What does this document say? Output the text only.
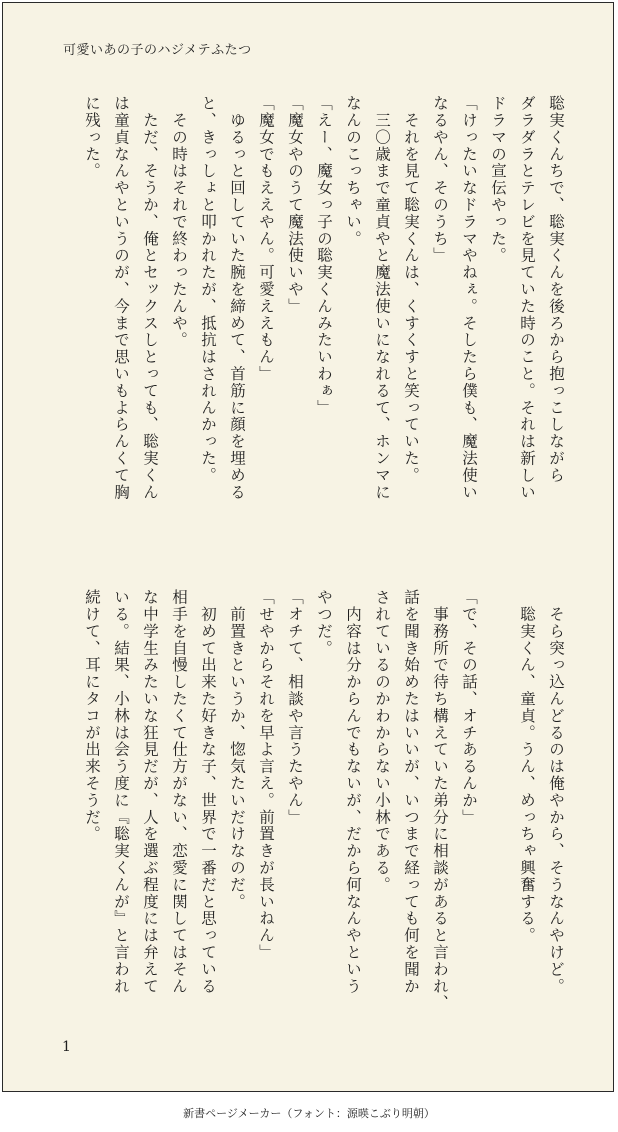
可愛いあの子のハジメテふたつ

聡実くんちで、聡実くんを後ろから抱っこしながら

ダラダラとテレビを見ていた時のこと。それは新しい

ドラマの宣伝やった。

「けったいなドラマやねぇ。そしたら僕も、魔法使い

なるやん、そのうち」

　それを見て聡実くんは、くすくすと笑っていた。

　三〇歳まで童貞やと魔法使いになれるて、ホンマに

なんのこっちゃい。

「えー、魔女っ子の聡実くんみたいわぁ」

「魔女やのうて魔法使いや」

「魔女でもええやん。可愛ええもん」

　ゆるっと回していた腕を締めて、首筋に顔を埋める

と、きっしょと叩かれたが、抵抗はされんかった。

　その時はそれで終わったんや。

　ただ、そうか、俺とセックスしとっても、聡実くん

は童貞なんやというのが、今まで思いもよらんくて胸

に残った。

　そら突っ込んどるのは俺やから、そうなんやけど。

　聡実くん、童貞。うん、めっちゃ興奮する。

「で、その話、オチあるんか」

　事務所で待ち構えていた弟分に相談があると言われ、

話を聞き始めたはいいが、いつまで経っても何を聞か

されているのかわからない小林である。

　内容は分からんでもないが、だから何なんやという

やつだ。

「オチて、相談や言うたやん」

「せやからそれを早よ言え。前置きが長いねん」

　前置きというか、惚気たいだけなのだ。

　初めて出来た好きな子、世界で一番だと思っている

相手を自慢したくて仕方がない、恋愛に関してはそん

な中学生みたいな狂見だが、人を選ぶ程度には弁えて

いる。結果、小林は会う度に『聡実くんが』と言われ

続けて、耳にタコが出来そうだ。

1
新書ページメーカー（フォント：源暎こぶり明朝）
